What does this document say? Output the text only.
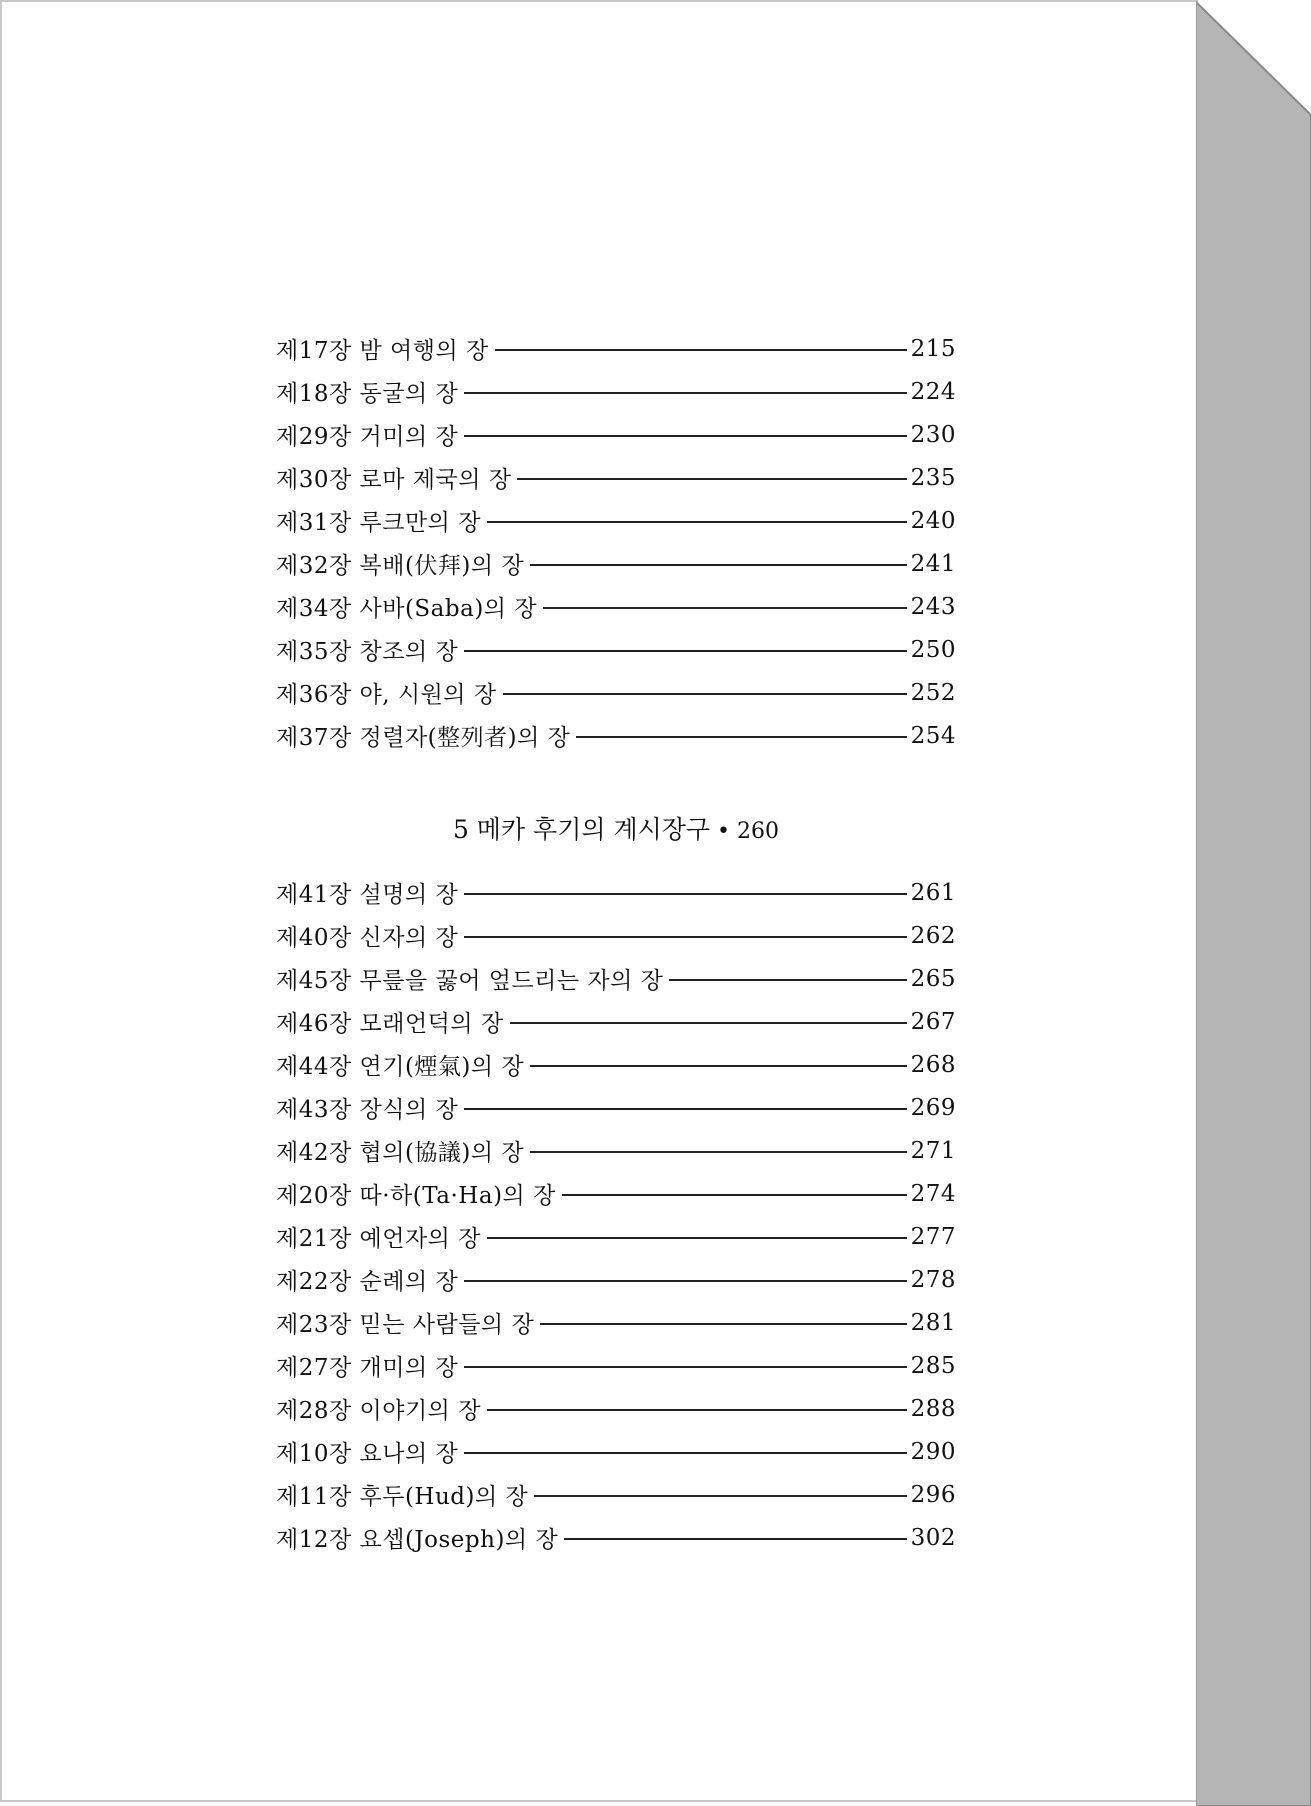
제17장 밤 여행의 장	215
제18장 동굴의 장	224
제29장 거미의 장	230
제30장 로마 제국의 장	235
제31장 루크만의 장	240
제32장 복배(伏拜)의 장	241
제34장 사바(Saba)의 장	243
제35장 창조의 장	250
제36장 야, 시원의 장	252
제37장 정렬자(整列者)의 장	254
5 메카 후기의 계시장구 • 260
제41장 설명의 장	261
제40장 신자의 장	262
제45장 무릎을 꿇어 엎드리는 자의 장	265
제46장 모래언덕의 장	267
제44장 연기(煙氣)의 장	268
제43장 장식의 장	269
제42장 협의(協議)의 장	271
제20장 따·하(Ta·Ha)의 장	274
제21장 예언자의 장	277
제22장 순례의 장	278
제23장 믿는 사람들의 장	281
제27장 개미의 장	285
제28장 이야기의 장	288
제10장 요나의 장	290
제11장 후두(Hud)의 장	296
제12장 요셉(Joseph)의 장	302
